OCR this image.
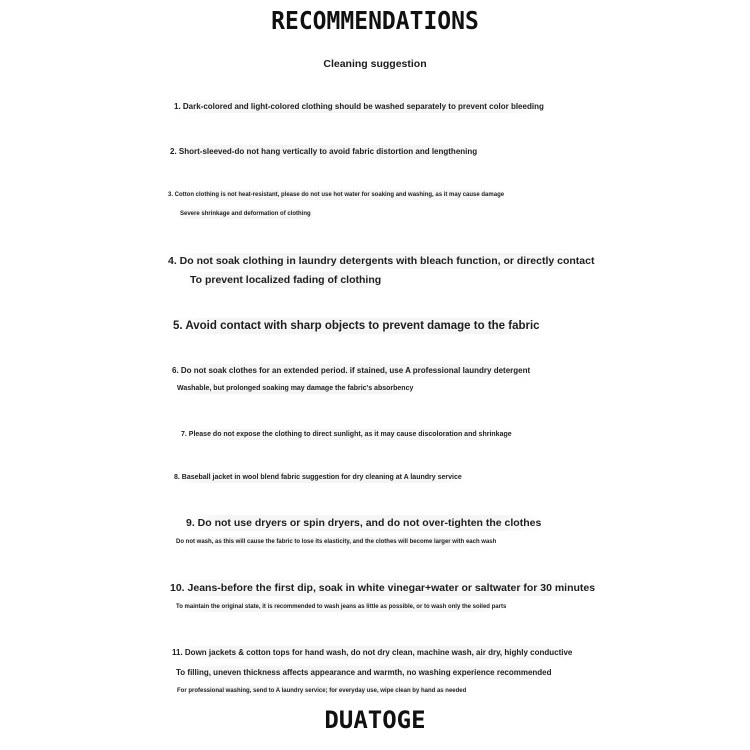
RECOMMENDATIONS
Cleaning suggestion
1. Dark-colored and light-colored clothing should be washed separately to prevent color bleeding
2. Short-sleeved-do not hang vertically to avoid fabric distortion and lengthening
3. Cotton clothing is not heat-resistant, please do not use hot water for soaking and washing, as it may cause damage
Severe shrinkage and deformation of clothing
4. Do not soak clothing in laundry detergents with bleach function, or directly contact
To prevent localized fading of clothing
5. Avoid contact with sharp objects to prevent damage to the fabric
6. Do not soak clothes for an extended period. if stained, use A professional laundry detergent
Washable, but prolonged soaking may damage the fabric's absorbency
7. Please do not expose the clothing to direct sunlight, as it may cause discoloration and shrinkage
8. Baseball jacket in wool blend fabric suggestion for dry cleaning at A laundry service
9. Do not use dryers or spin dryers, and do not over-tighten the clothes
Do not wash, as this will cause the fabric to lose its elasticity, and the clothes will become larger with each wash
10. Jeans-before the first dip, soak in white vinegar+water or saltwater for 30 minutes
To maintain the original state, it is recommended to wash jeans as little as possible, or to wash only the soiled parts
11. Down jackets & cotton tops for hand wash, do not dry clean, machine wash, air dry, highly conductive
To filling, uneven thickness affects appearance and warmth, no washing experience recommended
For professional washing, send to A laundry service; for everyday use, wipe clean by hand as needed
DUATOGE
